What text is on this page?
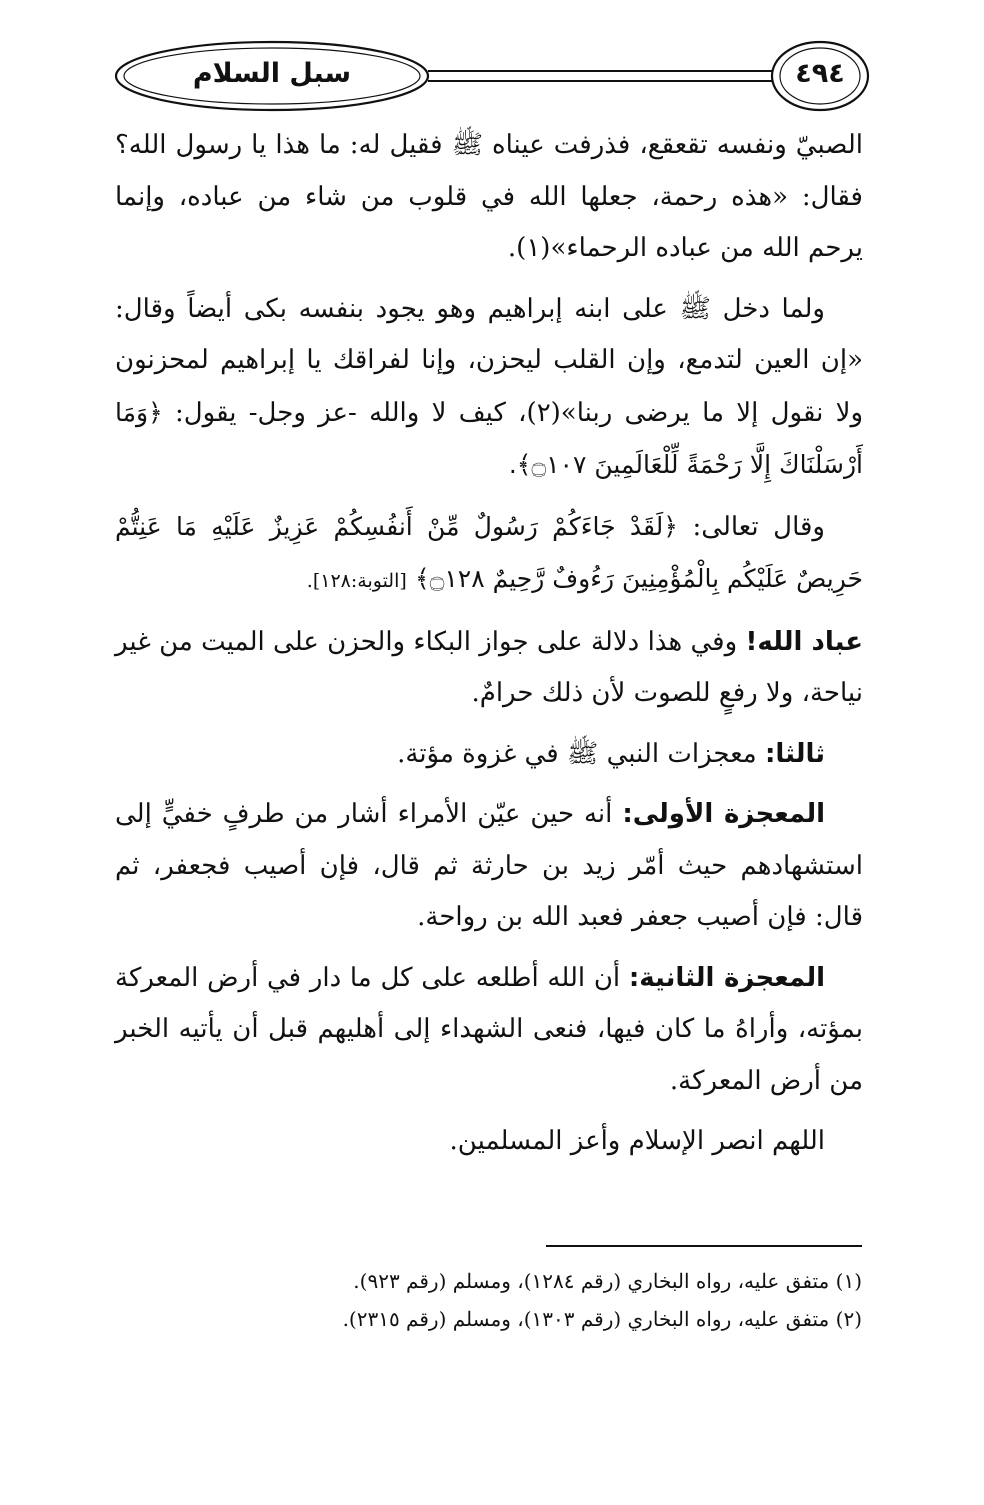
سبل السلام	٤٩٤

الصبيّ ونفسه تقعقع، فذرفت عيناه ﷺ فقيل له: ما هذا يا رسول الله؟ فقال: «هذه رحمة، جعلها الله في قلوب من شاء من عباده، وإنما يرحم الله من عباده الرحماء»(١).

ولما دخل ﷺ على ابنه إبراهيم وهو يجود بنفسه بكى أيضاً وقال: «إن العين لتدمع، وإن القلب ليحزن، وإنا لفراقك يا إبراهيم لمحزنون ولا نقول إلا ما يرضى ربنا»(٢)، كيف لا والله -عز وجل- يقول: ﴿وَمَا أَرْسَلْنَاكَ إِلَّا رَحْمَةً لِّلْعَالَمِينَ ۝١٠٧﴾.

وقال تعالى: ﴿لَقَدْ جَاءَكُمْ رَسُولٌ مِّنْ أَنفُسِكُمْ عَزِيزٌ عَلَيْهِ مَا عَنِتُّمْ حَرِيصٌ عَلَيْكُم بِالْمُؤْمِنِينَ رَءُوفٌ رَّحِيمٌ ۝١٢٨﴾ [التوبة:١٢٨].

عباد الله! وفي هذا دلالة على جواز البكاء والحزن على الميت من غير نياحة، ولا رفعٍ للصوت لأن ذلك حرامٌ.

ثالثا: معجزات النبي ﷺ في غزوة مؤتة.

المعجزة الأولى: أنه حين عيّن الأمراء أشار من طرفٍ خفيٍّ إلى استشهادهم حيث أمّر زيد بن حارثة ثم قال، فإن أصيب فجعفر، ثم قال: فإن أصيب جعفر فعبد الله بن رواحة.

المعجزة الثانية: أن الله أطلعه على كل ما دار في أرض المعركة بمؤته، وأراهُ ما كان فيها، فنعى الشهداء إلى أهليهم قبل أن يأتيه الخبر من أرض المعركة.

اللهم انصر الإسلام وأعز المسلمين.

(١) متفق عليه، رواه البخاري (رقم ١٢٨٤)، ومسلم (رقم ٩٢٣).
(٢) متفق عليه، رواه البخاري (رقم ١٣٠٣)، ومسلم (رقم ٢٣١٥).
